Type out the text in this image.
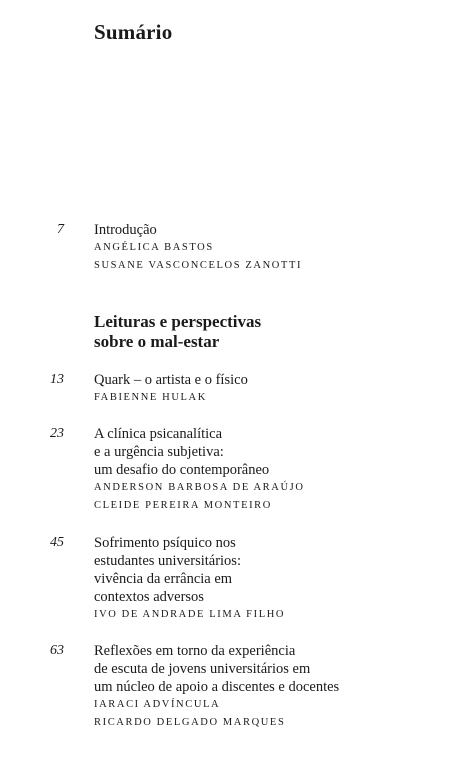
Sumário
7 Introdução
ANGÉLICA BASTOS
SUSANE VASCONCELOS ZANOTTI
Leituras e perspectivas
sobre o mal-estar
13 Quark – o artista e o físico
FABIENNE HULAK
23 A clínica psicanalítica
e a urgência subjetiva:
um desafio do contemporâneo
ANDERSON BARBOSA DE ARAÚJO
CLEIDE PEREIRA MONTEIRO
45 Sofrimento psíquico nos
estudantes universitários:
vivência da errância em
contextos adversos
IVO DE ANDRADE LIMA FILHO
63 Reflexões em torno da experiência
de escuta de jovens universitários em
um núcleo de apoio a discentes e docentes
IARACI ADVÍNCULA
RICARDO DELGADO MARQUES
